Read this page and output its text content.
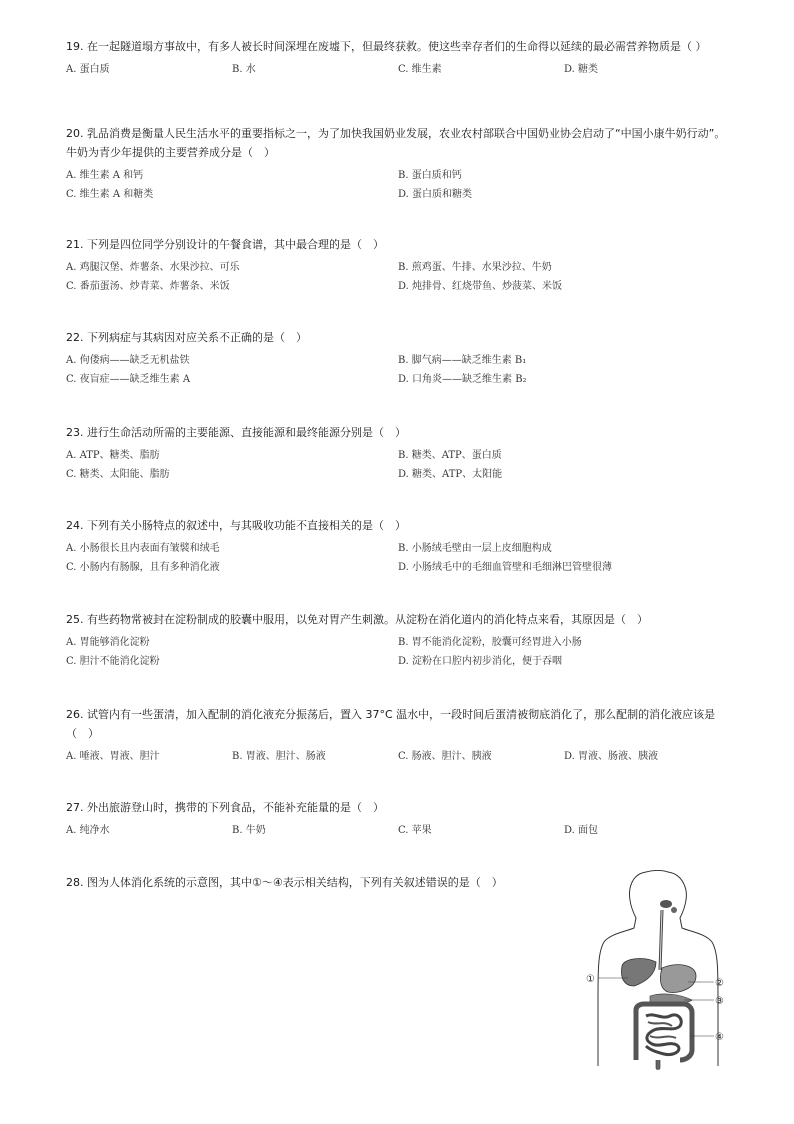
19. 在一起隧道塌方事故中，有多人被长时间深埋在废墟下，但最终获救。使这些幸存者们的生命得以延续的最必需营养物质是（ ）

A. 蛋白质	B. 水	C. 维生素	D. 糖类

20. 乳品消费是衡量人民生活水平的重要指标之一，为了加快我国奶业发展，农业农村部联合中国奶业协会启动了“中国小康牛奶行动”。牛奶为青少年提供的主要营养成分是（　）

A. 维生素 A 和钙	B. 蛋白质和钙
C. 维生素 A 和糖类	D. 蛋白质和糖类

21. 下列是四位同学分别设计的午餐食谱，其中最合理的是（　）

A. 鸡腿汉堡、炸薯条、水果沙拉、可乐	B. 煎鸡蛋、牛排、水果沙拉、牛奶
C. 番茄蛋汤、炒青菜、炸薯条、米饭	D. 炖排骨、红烧带鱼、炒菠菜、米饭

22. 下列病症与其病因对应关系不正确的是（　）

A. 佝偻病——缺乏无机盐铁	B. 脚气病——缺乏维生素 B₁
C. 夜盲症——缺乏维生素 A	D. 口角炎——缺乏维生素 B₂

23. 进行生命活动所需的主要能源、直接能源和最终能源分别是（　）

A. ATP、糖类、脂肪	B. 糖类、ATP、蛋白质
C. 糖类、太阳能、脂肪	D. 糖类、ATP、太阳能

24. 下列有关小肠特点的叙述中，与其吸收功能不直接相关的是（　）

A. 小肠很长且内表面有皱襞和绒毛	B. 小肠绒毛壁由一层上皮细胞构成
C. 小肠内有肠腺，且有多种消化液	D. 小肠绒毛中的毛细血管壁和毛细淋巴管壁很薄

25. 有些药物常被封在淀粉制成的胶囊中服用，以免对胃产生刺激。从淀粉在消化道内的消化特点来看，其原因是（　）

A. 胃能够消化淀粉	B. 胃不能消化淀粉，胶囊可经胃进入小肠
C. 胆汁不能消化淀粉	D. 淀粉在口腔内初步消化，便于吞咽

26. 试管内有一些蛋清，加入配制的消化液充分振荡后，置入 37°C 温水中，一段时间后蛋清被彻底消化了，那么配制的消化液应该是（　）

A. 唾液、胃液、胆汁	B. 胃液、胆汁、肠液	C. 肠液、胆汁、胰液	D. 胃液、肠液、胰液

27. 外出旅游登山时，携带的下列食品，不能补充能量的是（　）

A. 纯净水	B. 牛奶	C. 苹果	D. 面包

28. 图为人体消化系统的示意图，其中①～④表示相关结构，下列有关叙述错误的是（　）

①	②
③
④
